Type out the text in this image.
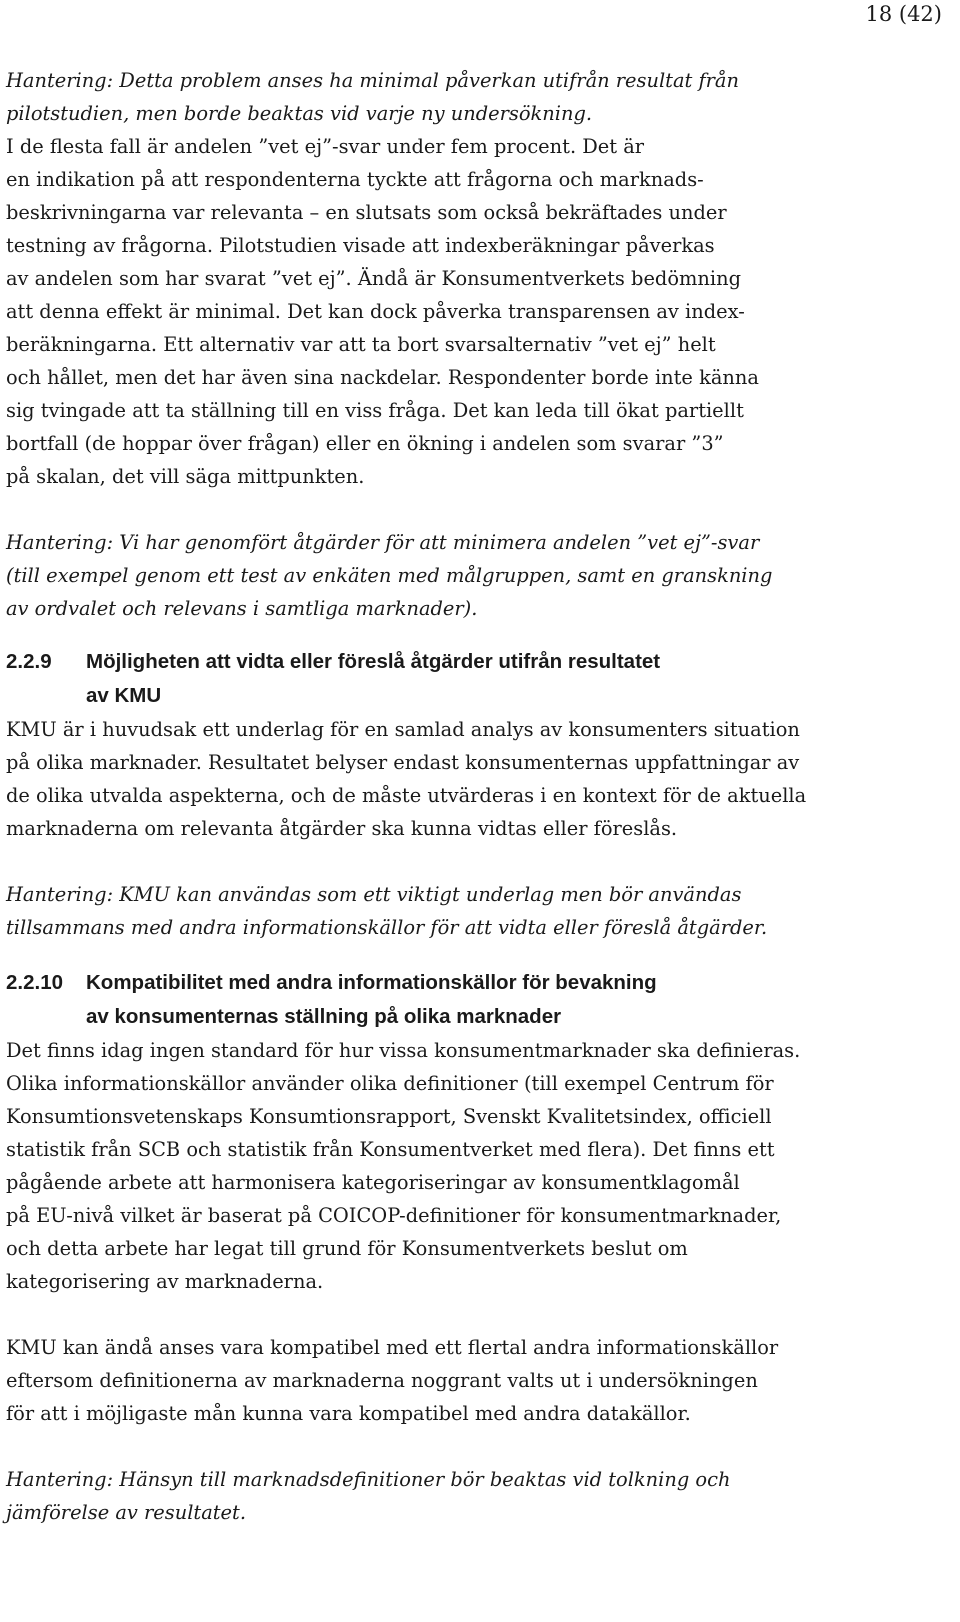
18 (42)

Hantering: Detta problem anses ha minimal påverkan utifrån resultat från
pilotstudien, men borde beaktas vid varje ny undersökning.

I de flesta fall är andelen ”vet ej”-svar under fem procent. Det är
en indikation på att respondenterna tyckte att frågorna och marknads-
beskrivningarna var relevanta – en slutsats som också bekräftades under
testning av frågorna. Pilotstudien visade att indexberäkningar påverkas
av andelen som har svarat ”vet ej”. Ändå är Konsumentverkets bedömning
att denna effekt är minimal. Det kan dock påverka transparensen av index-
beräkningarna. Ett alternativ var att ta bort svarsalternativ ”vet ej” helt
och hållet, men det har även sina nackdelar. Respondenter borde inte känna
sig tvingade att ta ställning till en viss fråga. Det kan leda till ökat partiellt
bortfall (de hoppar över frågan) eller en ökning i andelen som svarar ”3”
på skalan, det vill säga mittpunkten.

Hantering: Vi har genomfört åtgärder för att minimera andelen ”vet ej”-svar
(till exempel genom ett test av enkäten med målgruppen, samt en granskning
av ordvalet och relevans i samtliga marknader).

2.2.9	Möjligheten att vidta eller föreslå åtgärder utifrån resultatet
av KMU

KMU är i huvudsak ett underlag för en samlad analys av konsumenters situation
på olika marknader. Resultatet belyser endast konsumenternas uppfattningar av
de olika utvalda aspekterna, och de måste utvärderas i en kontext för de aktuella
marknaderna om relevanta åtgärder ska kunna vidtas eller föreslås.

Hantering: KMU kan användas som ett viktigt underlag men bör användas
tillsammans med andra informationskällor för att vidta eller föreslå åtgärder.

2.2.10	Kompatibilitet med andra informationskällor för bevakning
av konsumenternas ställning på olika marknader

Det finns idag ingen standard för hur vissa konsumentmarknader ska definieras.
Olika informationskällor använder olika definitioner (till exempel Centrum för
Konsumtionsvetenskaps Konsumtionsrapport, Svenskt Kvalitetsindex, officiell
statistik från SCB och statistik från Konsumentverket med flera). Det finns ett
pågående arbete att harmonisera kategoriseringar av konsumentklagomål
på EU-nivå vilket är baserat på COICOP-definitioner för konsumentmarknader,
och detta arbete har legat till grund för Konsumentverkets beslut om
kategorisering av marknaderna.

KMU kan ändå anses vara kompatibel med ett flertal andra informationskällor
eftersom definitionerna av marknaderna noggrant valts ut i undersökningen
för att i möjligaste mån kunna vara kompatibel med andra datakällor.

Hantering: Hänsyn till marknadsdefinitioner bör beaktas vid tolkning och
jämförelse av resultatet.
